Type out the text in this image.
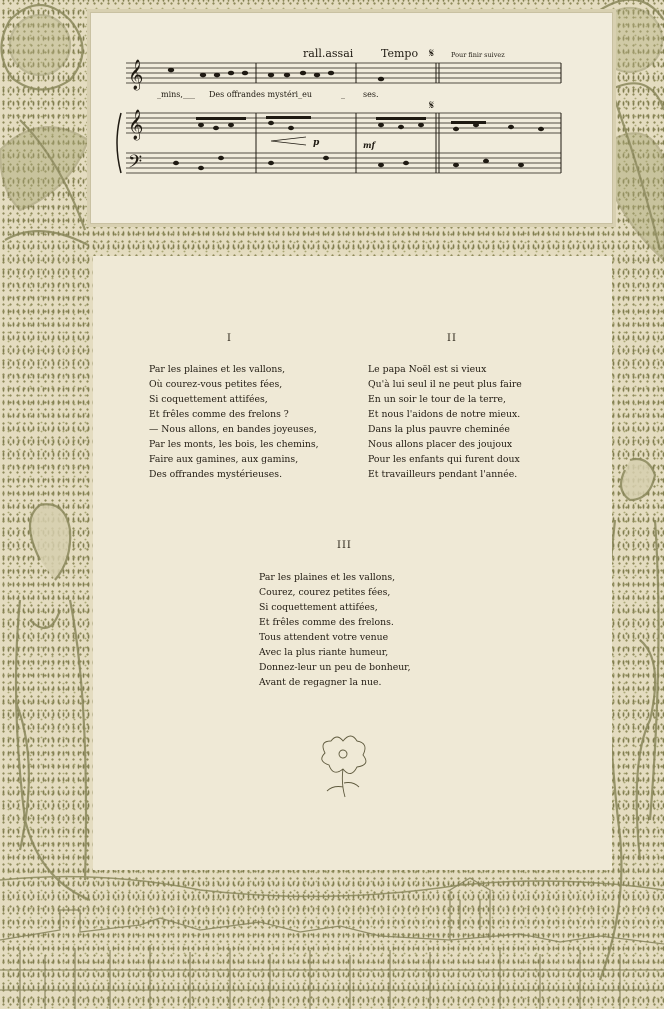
𝄞
𝄞
𝄢
rall.assai	Tempo 𝄋	Pour finir suivez
𝄋
_mins,___ Des offrandes mystéri_eu	_ ses.
p	mf
I
Par les plaines et les vallons,
Où courez-vous petites fées,
Si coquettement attifées,
Et frêles comme des frelons ?
— Nous allons, en bandes joyeuses,
Par les monts, les bois, les chemins,
Faire aux gamines, aux gamins,
Des offrandes mystérieuses.
II
Le papa Noël est si vieux
Qu'à lui seul il ne peut plus faire
En un soir le tour de la terre,
Et nous l'aidons de notre mieux.
Dans la plus pauvre cheminée
Nous allons placer des joujoux
Pour les enfants qui furent doux
Et travailleurs pendant l'année.
III
Par les plaines et les vallons,
Courez, courez petites fées,
Si coquettement attifées,
Et frêles comme des frelons.
Tous attendent votre venue
Avec la plus riante humeur,
Donnez-leur un peu de bonheur,
Avant de regagner la nue.
